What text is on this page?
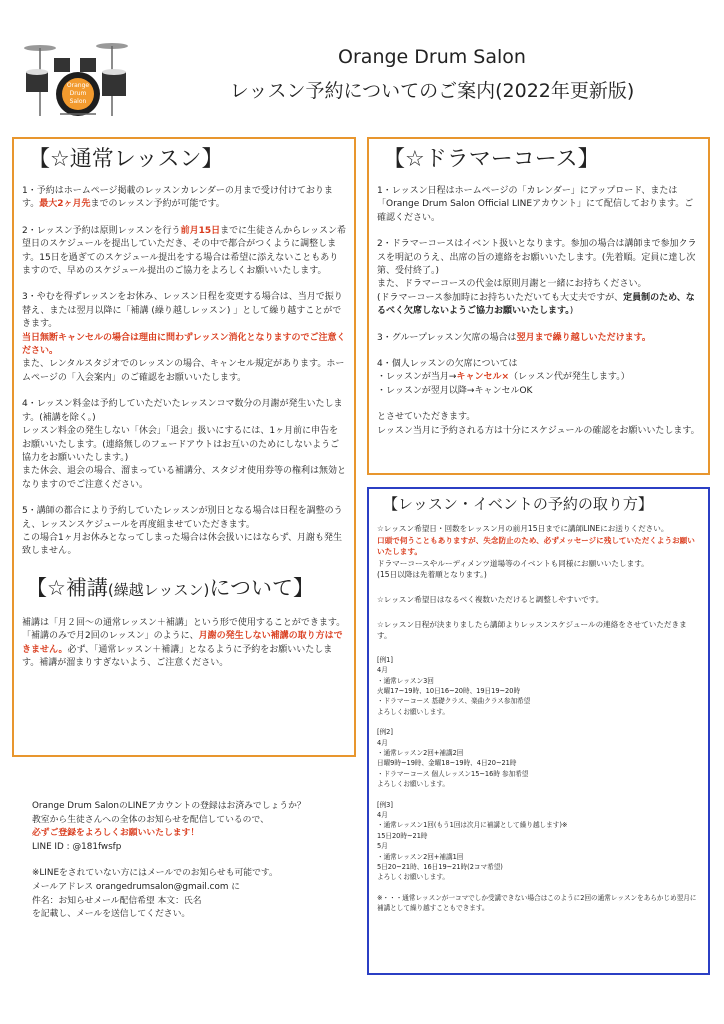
Orange
Drum
Salon
Orange Drum Salon
レッスン予約についてのご案内(2022年更新版)
【☆通常レッスン】

1・予約はホームページ掲載のレッスンカレンダーの月まで受け付けております。最大2ヶ月先までのレッスン予約が可能です。

2・レッスン予約は原則レッスンを行う前月15日までに生徒さんからレッスン希望日のスケジュールを提出していただき、その中で都合がつくように調整します。15日を過ぎてのスケジュール提出をする場合は希望に添えないこともありますので、早めのスケジュール提出のご協力をよろしくお願いいたします。

3・やむを得ずレッスンをお休み、レッスン日程を変更する場合は、当月で振り替え、または翌月以降に「補講 (繰り越しレッスン) 」として繰り越すことができます。

当日無断キャンセルの場合は理由に問わずレッスン消化となりますのでご注意ください。

また、レンタルスタジオでのレッスンの場合、キャンセル規定があります。ホームページの「入会案内」のご確認をお願いいたします。

4・レッスン料金は予約していただいたレッスンコマ数分の月謝が発生いたします。(補講を除く。)

レッスン料金の発生しない「休会」「退会」扱いにするには、1ヶ月前に申告をお願いいたします。(連絡無しのフェードアウトはお互いのためにしないようご協力をお願いいたします。)

また休会、退会の場合、溜まっている補講分、スタジオ使用券等の権利は無効となりますのでご注意ください。

5・講師の都合により予約していたレッスンが別日となる場合は日程を調整のうえ、レッスンスケジュールを再度組ませていただきます。

この場合1ヶ月お休みとなってしまった場合は休会扱いにはならず、月謝も発生致しません。

【☆補講(繰越レッスン)について】

補講は「月２回〜の通常レッスン＋補講」という形で使用することができます。「補講のみで月2回のレッスン」のように、月謝の発生しない補講の取り方はできません。必ず、「通常レッスン＋補講」となるように予約をお願いいたします。補講が溜まりすぎないよう、ご注意ください。

【☆ドラマーコース】

1・レッスン日程はホームページの「カレンダー」にアップロード、または「Orange Drum Salon Official LINEアカウント」にて配信しております。ご確認ください。

2・ドラマーコースはイベント扱いとなります。参加の場合は講師まで参加クラスを明記のうえ、出席の旨の連絡をお願いいたします。(先着順。定員に達し次第、受付終了。)

また、ドラマーコースの代金は原則月謝と一緒にお持ちください。

(ドラマーコース参加時にお持ちいただいても大丈夫ですが、定員制のため、なるべく欠席しないようご協力お願いいたします。)

3・グループレッスン欠席の場合は翌月まで繰り越しいただけます。

4・個人レッスンの欠席については

・レッスンが当月→キャンセル×（レッスン代が発生します。）

・レッスンが翌月以降→キャンセルOK

とさせていただきます。

レッスン当月に予約される方は十分にスケジュールの確認をお願いいたします。

【レッスン・イベントの予約の取り方】

☆レッスン希望日・回数をレッスン月の前月15日までに講師LINEにお送りください。

口頭で伺うこともありますが、失念防止のため、必ずメッセージに残していただくようお願いいたします。

ドラマーコースやルーディメンツ道場等のイベントも同様にお願いいたします。

(15日以降は先着順となります。)

☆レッスン希望日はなるべく複数いただけると調整しやすいです。

☆レッスン日程が決まりましたら講師よりレッスンスケジュールの連絡をさせていただきます。

[例1]

4月

・通常レッスン3回

火曜17~19時、10日16~20時、19日19~20時

・ドラマーコース 基礎クラス、楽曲クラス参加希望

よろしくお願いします。

[例2]

4月

・通常レッスン2回+補講2回

日曜9時~19時、金曜18~19時、4日20~21時

・ドラマーコース 個人レッスン15~16時 参加希望

よろしくお願いします。

[例3]

4月

・通常レッスン1回(もう1回は次月に補講として繰り越します)※

15日20時~21時

5月

・通常レッスン2回+補講1回

5日20~21時、16日19~21時(2コマ希望)

よろしくお願いします。

※・・・通常レッスンが一コマでしか受講できない場合はこのように2回の通常レッスンをあらかじめ翌月に補講として繰り越すこともできます。

Orange Drum SalonのLINEアカウントの登録はお済みでしょうか？

教室から生徒さんへの全体のお知らせを配信しているので、

必ずご登録をよろしくお願いいたします！

LINE ID : @181fwsfp

※LINEをされていない方にはメールでのお知らせも可能です。

メールアドレス orangedrumsalon@gmail.com に

件名：お知らせメール配信希望 本文：氏名

を記載し、メールを送信してください。
